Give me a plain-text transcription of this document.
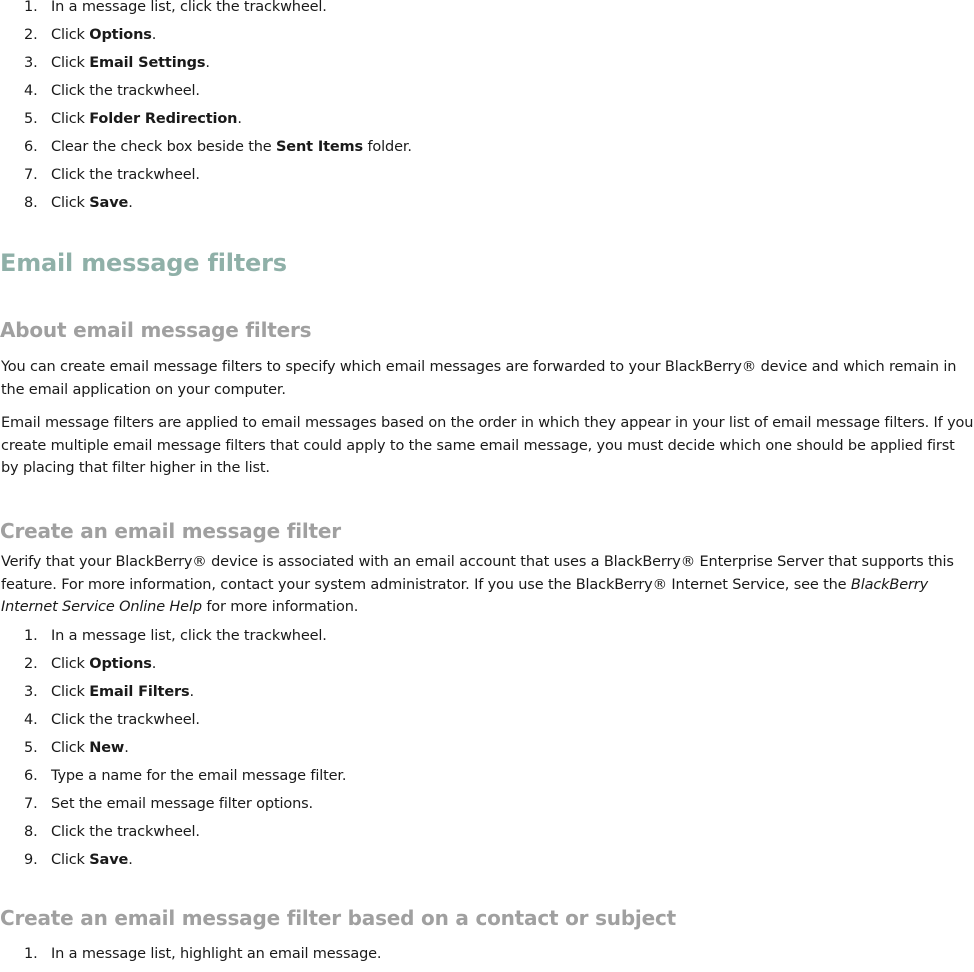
1. In a message list, click the trackwheel.
2. Click Options.
3. Click Email Settings.
4. Click the trackwheel.
5. Click Folder Redirection.
6. Clear the check box beside the Sent Items folder.
7. Click the trackwheel.
8. Click Save.
Email message filters
About email message filters

You can create email message filters to specify which email messages are forwarded to your BlackBerry® device and which remain in the email application on your computer.

Email message filters are applied to email messages based on the order in which they appear in your list of email message filters. If you create multiple email message filters that could apply to the same email message, you must decide which one should be applied first by placing that filter higher in the list.

Create an email message filter

Verify that your BlackBerry® device is associated with an email account that uses a BlackBerry® Enterprise Server that supports this feature. For more information, contact your system administrator. If you use the BlackBerry® Internet Service, see the BlackBerry Internet Service Online Help for more information.

1. In a message list, click the trackwheel.
2. Click Options.
3. Click Email Filters.
4. Click the trackwheel.
5. Click New.
6. Type a name for the email message filter.
7. Set the email message filter options.
8. Click the trackwheel.
9. Click Save.
Create an email message filter based on a contact or subject
1. In a message list, highlight an email message.
